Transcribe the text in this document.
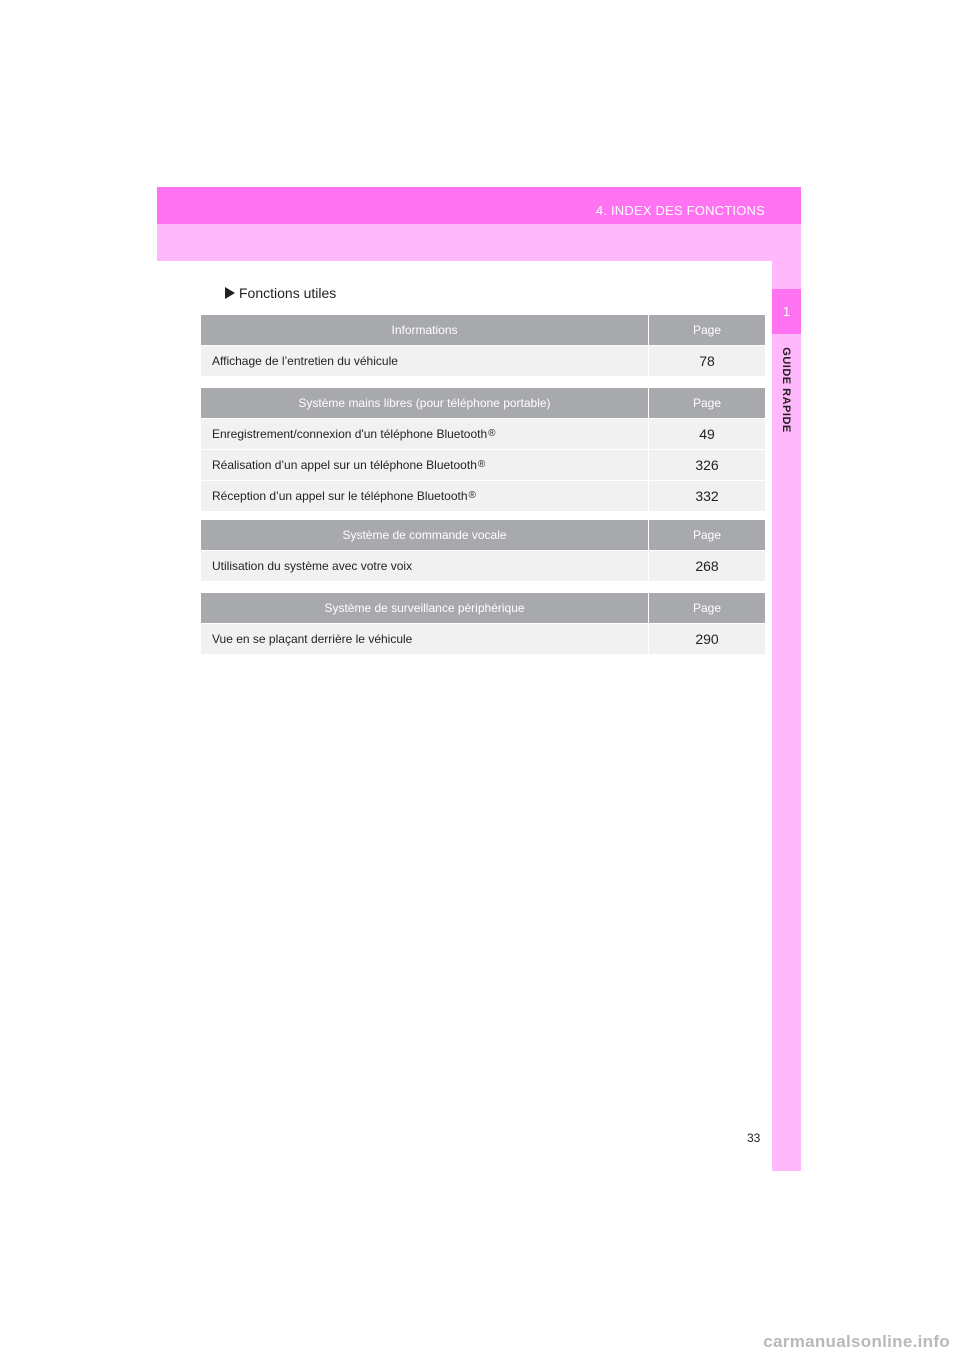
4. INDEX DES FONCTIONS
1
GUIDE RAPIDE
Fonctions utiles
Informations	Page
Affichage de l’entretien du véhicule	78
Système mains libres (pour téléphone portable)	Page
Enregistrement/connexion d'un téléphone Bluetooth ®	49
Réalisation d’un appel sur un téléphone Bluetooth ®	326
Réception d’un appel sur le téléphone Bluetooth ®	332
Système de commande vocale	Page
Utilisation du système avec votre voix	268
Système de surveillance périphérique	Page
Vue en se plaçant derrière le véhicule	290
33
carmanualsonline.info
